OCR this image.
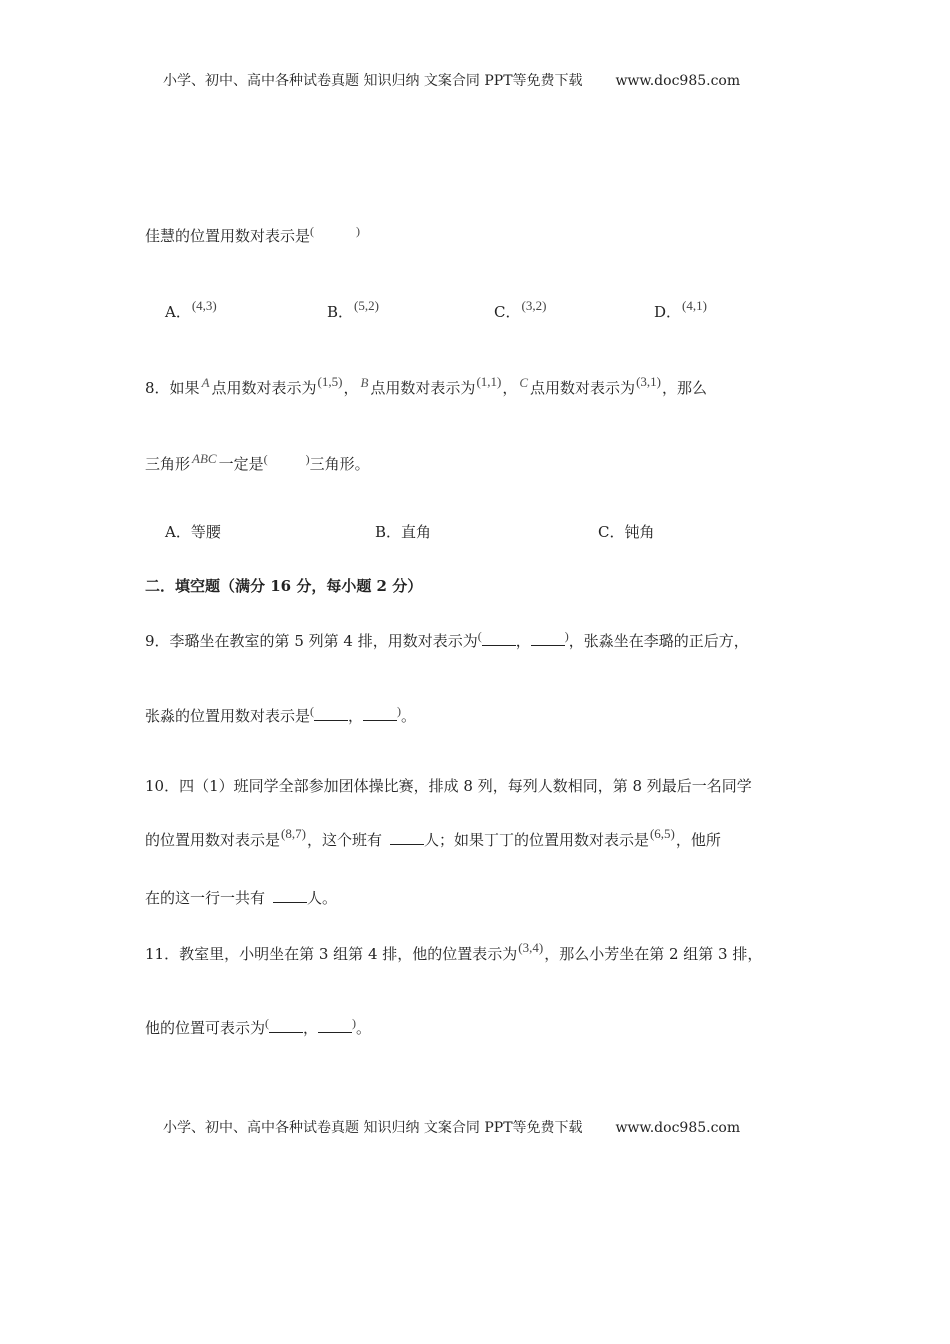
小学、初中、高中各种试卷真题 知识归纳 文案合同 PPT等免费下载 www.doc985.com
佳慧的位置用数对表示是(	)
A．(4,3)	B．(5,2)	C．(3,2)	D．(4,1)
8．如果 A 点用数对表示为(1,5)， B 点用数对表示为(1,1)， C 点用数对表示为(3,1)，那么
三角形 ABC 一定是(	)三角形。
A．等腰	B．直角	C．钝角
二．填空题（满分 16 分，每小题 2 分）
9．李璐坐在教室的第 5 列第 4 排，用数对表示为( ，	)，张淼坐在李璐的正后方，
张淼的位置用数对表示是( ，	)。
10．四（1）班同学全部参加团体操比赛，排成 8 列，每列人数相同，第 8 列最后一名同学
的位置用数对表示是(8,7)，这个班有	人；如果丁丁的位置用数对表示是(6,5)，他所
在的这一行一共有	人。
11．教室里，小明坐在第 3 组第 4 排，他的位置表示为(3,4)，那么小芳坐在第 2 组第 3 排，
他的位置可表示为( ，	)。
小学、初中、高中各种试卷真题 知识归纳 文案合同 PPT等免费下载 www.doc985.com
